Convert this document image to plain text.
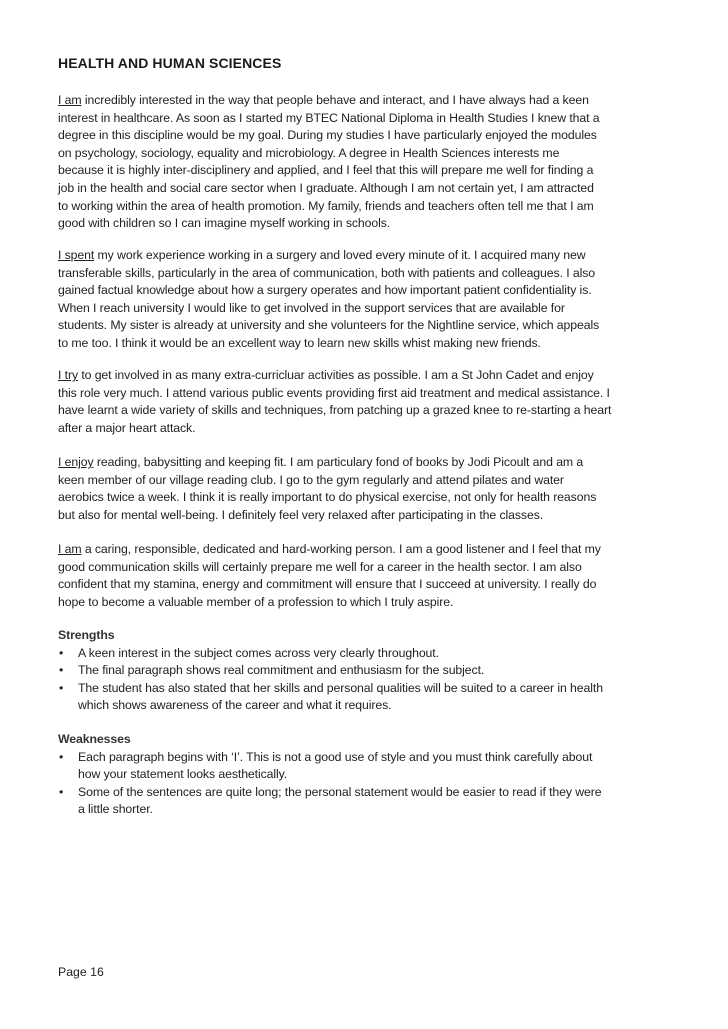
HEALTH AND HUMAN SCIENCES
I am incredibly interested in the way that people behave and interact, and I have always had a keen
interest in healthcare. As soon as I started my BTEC National Diploma in Health Studies I knew that a
degree in this discipline would be my goal. During my studies I have particularly enjoyed the modules
on psychology, sociology, equality and microbiology. A degree in Health Sciences interests me
because it is highly inter-disciplinery and applied, and I feel that this will prepare me well for finding a
job in the health and social care sector when I graduate. Although I am not certain yet, I am attracted
to working within the area of health promotion. My family, friends and teachers often tell me that I am
good with children so I can imagine myself working in schools.
I spent my work experience working in a surgery and loved every minute of it. I acquired many new
transferable skills, particularly in the area of communication, both with patients and colleagues. I also
gained factual knowledge about how a surgery operates and how important patient confidentiality is.
When I reach university I would like to get involved in the support services that are available for
students. My sister is already at university and she volunteers for the Nightline service, which appeals
to me too. I think it would be an excellent way to learn new skills whist making new friends.
I try to get involved in as many extra-curricluar activities as possible. I am a St John Cadet and enjoy
this role very much. I attend various public events providing first aid treatment and medical assistance. I
have learnt a wide variety of skills and techniques, from patching up a grazed knee to re-starting a heart
after a major heart attack.
I enjoy reading, babysitting and keeping fit. I am particulary fond of books by Jodi Picoult and am a
keen member of our village reading club. I go to the gym regularly and attend pilates and water
aerobics twice a week. I think it is really important to do physical exercise, not only for health reasons
but also for mental well-being. I definitely feel very relaxed after participating in the classes.
I am a caring, responsible, dedicated and hard-working person. I am a good listener and I feel that my
good communication skills will certainly prepare me well for a career in the health sector. I am also
confident that my stamina, energy and commitment will ensure that I succeed at university. I really do
hope to become a valuable member of a profession to which I truly aspire.
Strengths
• A keen interest in the subject comes across very clearly throughout.
• The final paragraph shows real commitment and enthusiasm for the subject.
• The student has also stated that her skills and personal qualities will be suited to a career in health
which shows awareness of the career and what it requires.
Weaknesses
• Each paragraph begins with ‘I’. This is not a good use of style and you must think carefully about
how your statement looks aesthetically.
• Some of the sentences are quite long; the personal statement would be easier to read if they were
a little shorter.
Page 16
